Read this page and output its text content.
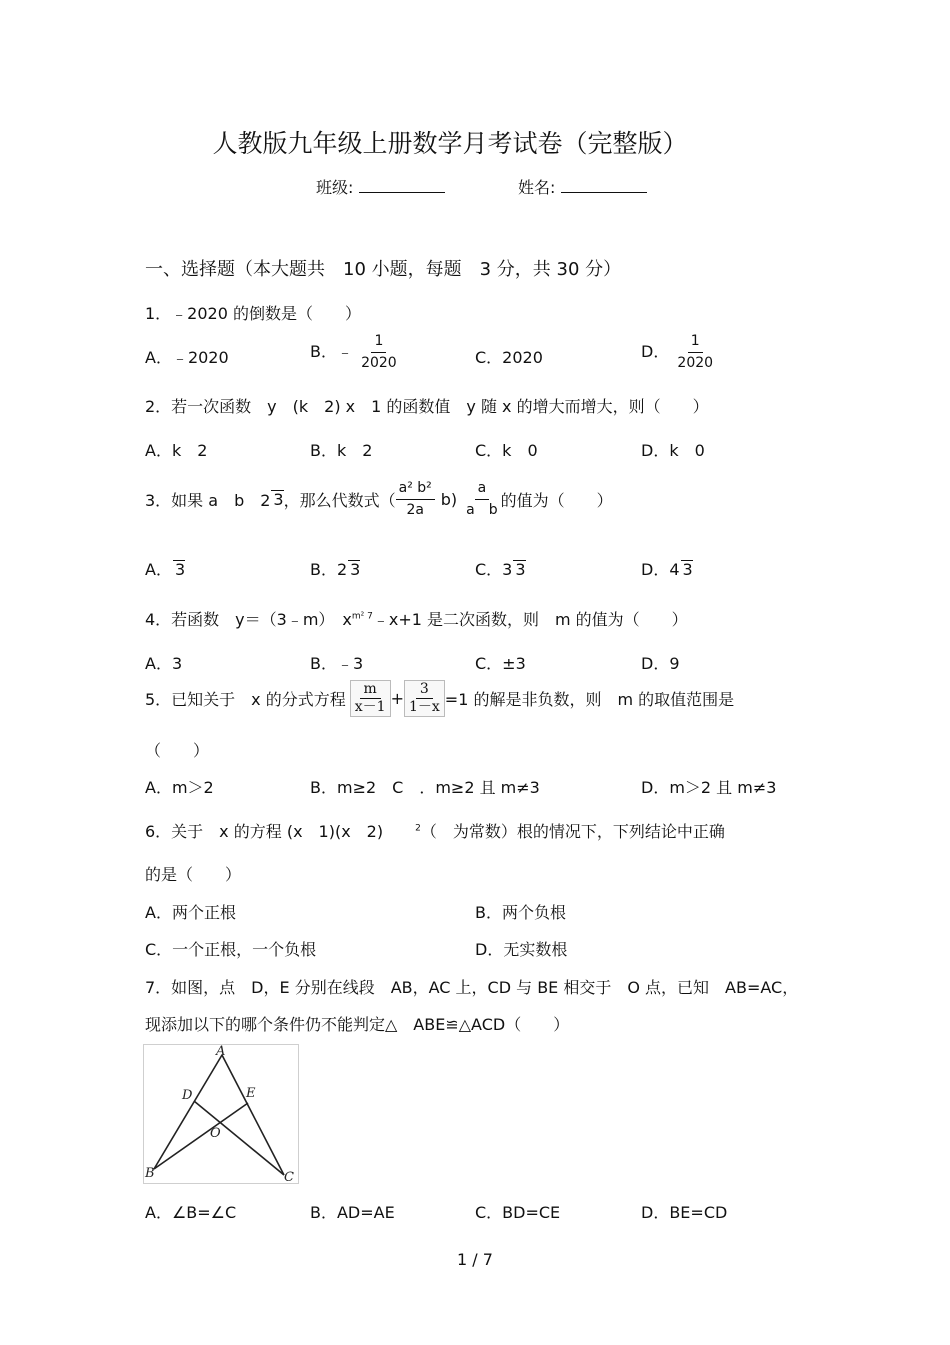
人教版九年级上册数学月考试卷（完整版）
班级:	姓名:
一、选择题（本大题共　10 小题，每题　3 分，共 30 分）
1．﹣2020 的倒数是（　　）
A．﹣2020	B．﹣ $\frac{1}{2020}$	C．2020	D． $\frac{1}{2020}$
2．若一次函数　y　(k　2) x　1 的函数值　y 随 x 的增大而增大，则（　　）
A．k　2	B．k　2	C．k　0	D．k　0
3．如果 a　b　2 3 ，那么代数式（ $\frac{\text{a² b²}}{2a} b) \frac{a}{\text{a　b}}$ 的值为（　　）
A． 3	B．2 3	C．3 3	D．4 3
4．若函数　y＝（3﹣m）　$x^{m^2 7}﹣x+1$ 是二次函数，则　m 的值为（　　）
A．3	B．﹣3	C．±3	D．9
5．已知关于　x 的分式方程 $\frac{m}{x-1} + \frac{3}{1-x} =1$ 的解是非负数，则　m 的取值范围是
（　　）
A．m＞2	B．m≥2　C　．m≥2 且 m≠3	D．m＞2 且 m≠3
6．关于　x 的方程 (x　1)(x　2)　　$^2$（　为常数）根的情况下，下列结论中正确
的是（　　）
A．两个正根	B．两个负根
C．一个正根，一个负根	D．无实数根
7．如图，点　D，E 分别在线段　AB，AC 上，CD 与 BE 相交于　O 点，已知　AB=AC，
现添加以下的哪个条件仍不能判定△　ABE≌△ACD（　　）
A
B	C
D	E
O
A．∠B=∠C	B．AD=AE	C．BD=CE	D．BE=CD
1 / 7
